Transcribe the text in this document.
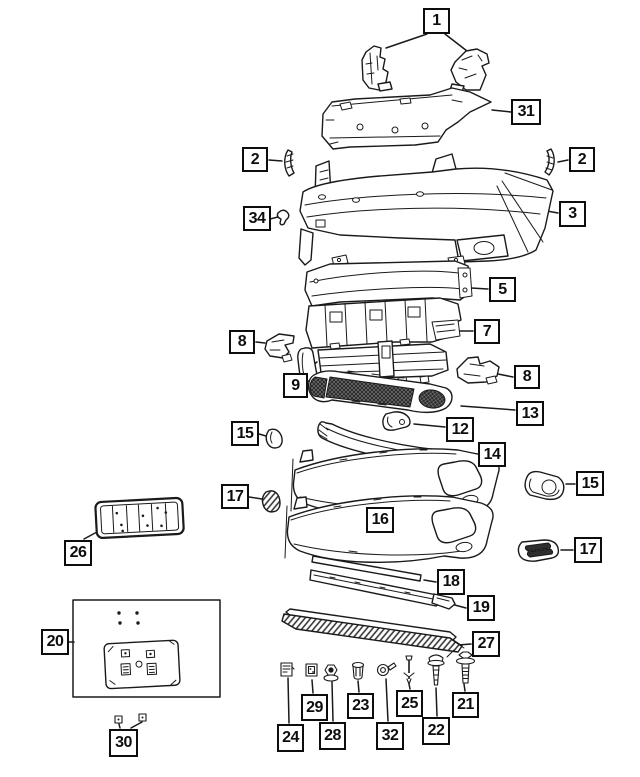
1
31
2	2
3
34
5
7
8
8
9
13
12
15
14
15
17
16
17
26
18
19
20	27
30	24
29
28
23
32
25
22
21
